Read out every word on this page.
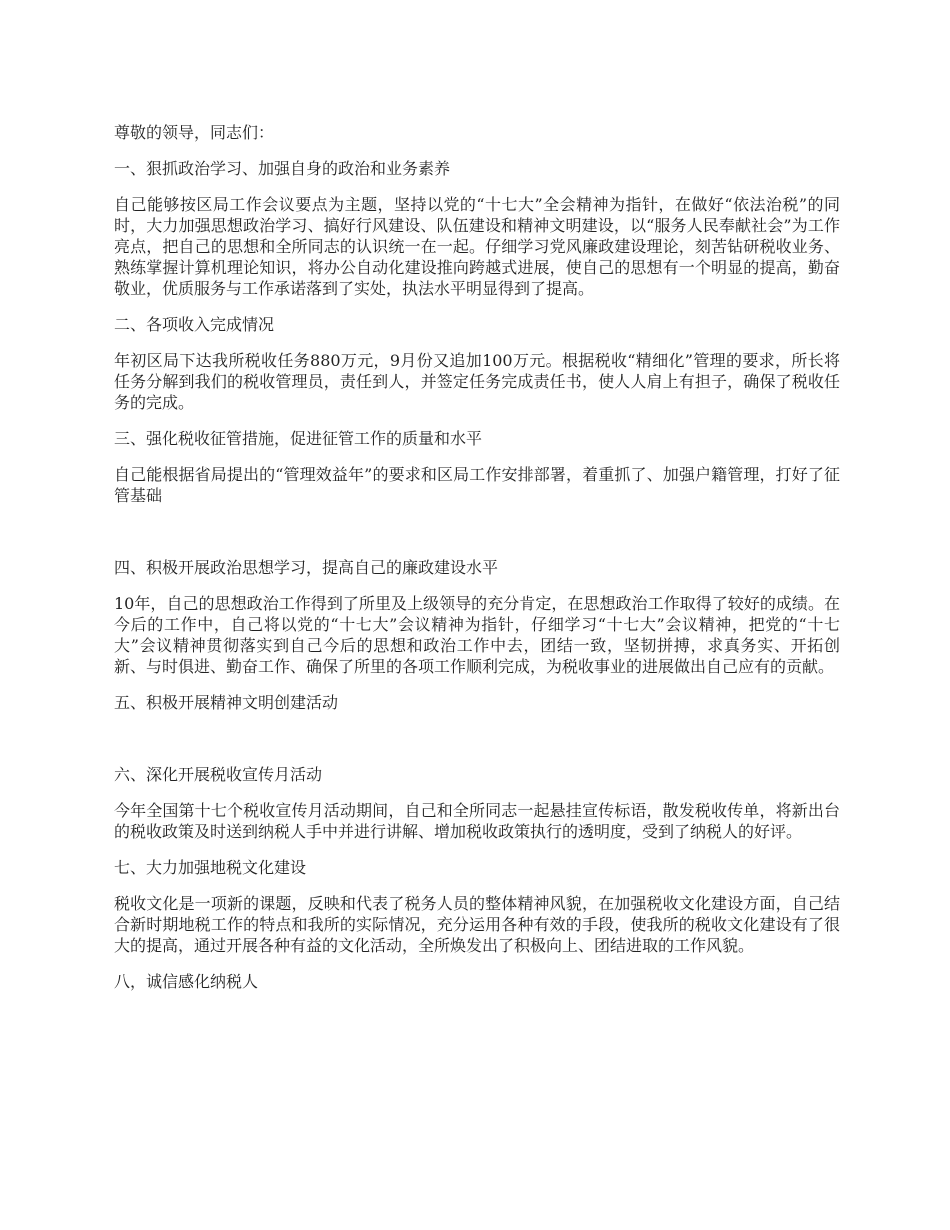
尊敬的领导，同志们：

一、狠抓政治学习、加强自身的政治和业务素养

自己能够按区局工作会议要点为主题，坚持以党的“十七大”全会精神为指针，在做好“依法治税”的同时，大力加强思想政治学习、搞好行风建设、队伍建设和精神文明建设，以“服务人民奉献社会”为工作亮点，把自己的思想和全所同志的认识统一在一起。仔细学习党风廉政建设理论，刻苦钻研税收业务、熟练掌握计算机理论知识，将办公自动化建设推向跨越式进展，使自己的思想有一个明显的提高，勤奋敬业，优质服务与工作承诺落到了实处，执法水平明显得到了提高。

二、各项收入完成情况

年初区局下达我所税收任务880万元，9月份又追加100万元。根据税收“精细化”管理的要求，所长将任务分解到我们的税收管理员，责任到人，并签定任务完成责任书，使人人肩上有担子，确保了税收任务的完成。

三、强化税收征管措施，促进征管工作的质量和水平

自己能根据省局提出的“管理效益年”的要求和区局工作安排部署，着重抓了、加强户籍管理，打好了征管基础

四、积极开展政治思想学习，提高自己的廉政建设水平

10年，自己的思想政治工作得到了所里及上级领导的充分肯定，在思想政治工作取得了较好的成绩。在今后的工作中，自己将以党的“十七大”会议精神为指针，仔细学习“十七大”会议精神，把党的“十七大”会议精神贯彻落实到自己今后的思想和政治工作中去，团结一致，坚韧拼搏，求真务实、开拓创新、与时俱进、勤奋工作、确保了所里的各项工作顺利完成，为税收事业的进展做出自己应有的贡献。

五、积极开展精神文明创建活动

六、深化开展税收宣传月活动

今年全国第十七个税收宣传月活动期间，自己和全所同志一起悬挂宣传标语，散发税收传单，将新出台的税收政策及时送到纳税人手中并进行讲解、增加税收政策执行的透明度，受到了纳税人的好评。

七、大力加强地税文化建设

税收文化是一项新的课题，反映和代表了税务人员的整体精神风貌，在加强税收文化建设方面，自己结合新时期地税工作的特点和我所的实际情况，充分运用各种有效的手段，使我所的税收文化建设有了很大的提高，通过开展各种有益的文化活动，全所焕发出了积极向上、团结进取的工作风貌。

八，诚信感化纳税人
